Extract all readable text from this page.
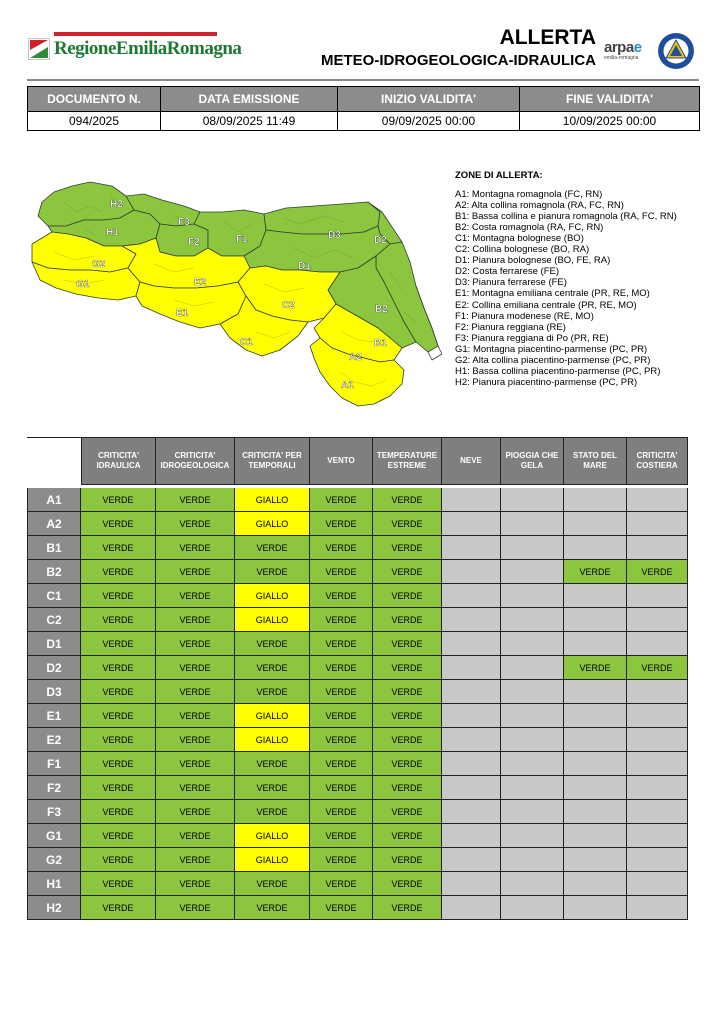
RegioneEmiliaRomagna	ALLERTA
METEO-IDROGEOLOGICA-IDRAULICA
arpae
emilia-romagna
DOCUMENTO N.	DATA EMISSIONE	INIZIO VALIDITA'	FINE VALIDITA'
094/2025	08/09/2025 11:49	09/09/2025 00:00	10/09/2025 00:00
H2
H1
F3
F2	F1	D3	D2
D1
B2
B1
G2
G1	E2
E1
C2
C1
A2
A1
ZONE DI ALLERTA:
A1: Montagna romagnola (FC, RN)
A2: Alta collina romagnola (RA, FC, RN)
B1: Bassa collina e pianura romagnola (RA, FC, RN)
B2: Costa romagnola (RA, FC, RN)
C1: Montagna bolognese (BO)
C2: Collina bolognese (BO, RA)
D1: Pianura bolognese (BO, FE, RA)
D2: Costa ferrarese (FE)
D3: Pianura ferrarese (FE)
E1: Montagna emiliana centrale (PR, RE, MO)
E2: Collina emiliana centrale (PR, RE, MO)
F1: Pianura modenese (RE, MO)
F2: Pianura reggiana (RE)
F3: Pianura reggiana di Po (PR, RE)
G1: Montagna piacentino-parmense (PC, PR)
G2: Alta collina piacentino-parmense (PC, PR)
H1: Bassa collina piacentino-parmense (PC, PR)
H2: Pianura piacentino-parmense (PC, PR)
	CRITICITA' IDRAULICA	CRITICITA' IDROGEOLOGICA	CRITICITA' PER TEMPORALI	VENTO	TEMPERATURE ESTREME	NEVE	PIOGGIA CHE GELA	STATO DEL MARE	CRITICITA' COSTIERA

A1	VERDE	VERDE	GIALLO	VERDE	VERDE				
A2	VERDE	VERDE	GIALLO	VERDE	VERDE				
B1	VERDE	VERDE	VERDE	VERDE	VERDE				
B2	VERDE	VERDE	VERDE	VERDE	VERDE			VERDE	VERDE
C1	VERDE	VERDE	GIALLO	VERDE	VERDE				
C2	VERDE	VERDE	GIALLO	VERDE	VERDE				
D1	VERDE	VERDE	VERDE	VERDE	VERDE				
D2	VERDE	VERDE	VERDE	VERDE	VERDE			VERDE	VERDE
D3	VERDE	VERDE	VERDE	VERDE	VERDE				
E1	VERDE	VERDE	GIALLO	VERDE	VERDE				
E2	VERDE	VERDE	GIALLO	VERDE	VERDE				
F1	VERDE	VERDE	VERDE	VERDE	VERDE				
F2	VERDE	VERDE	VERDE	VERDE	VERDE				
F3	VERDE	VERDE	VERDE	VERDE	VERDE				
G1	VERDE	VERDE	GIALLO	VERDE	VERDE				
G2	VERDE	VERDE	GIALLO	VERDE	VERDE				
H1	VERDE	VERDE	VERDE	VERDE	VERDE				
H2	VERDE	VERDE	VERDE	VERDE	VERDE				
